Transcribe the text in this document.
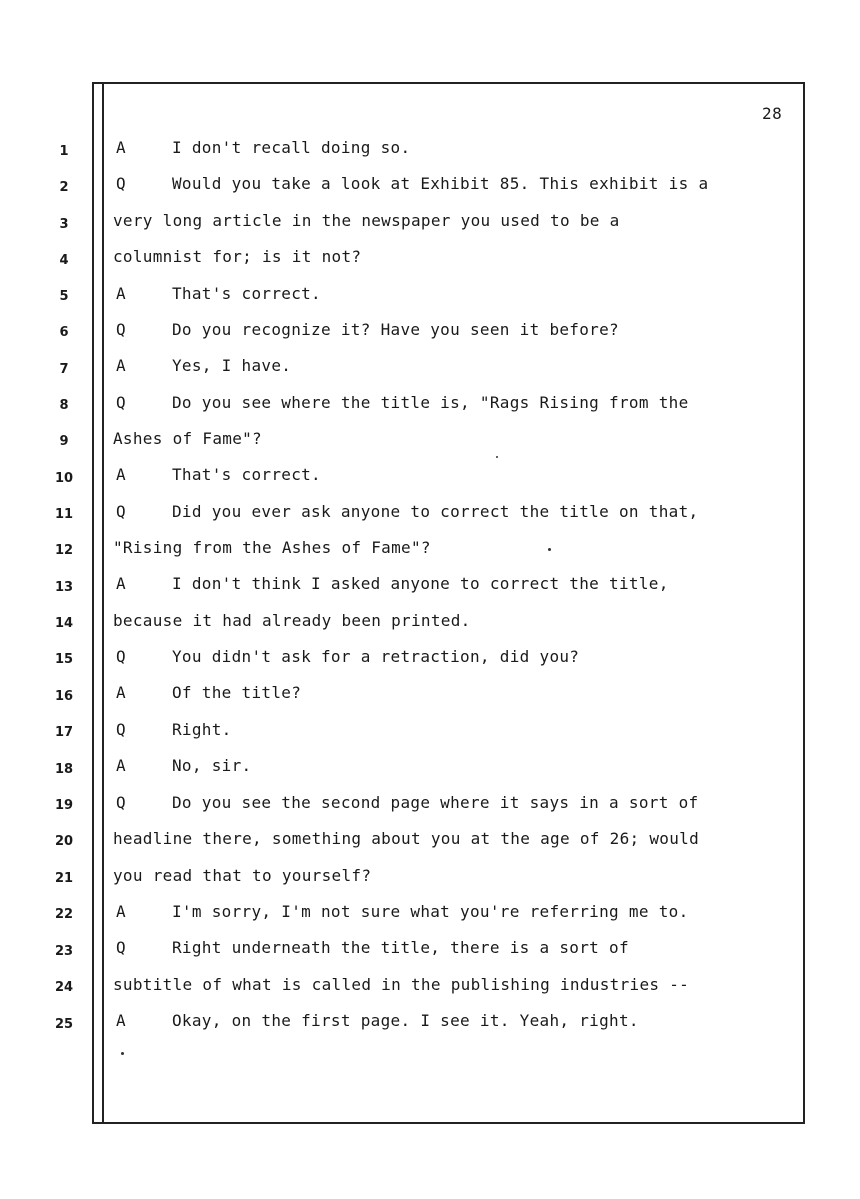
28
1	A	I don't recall doing so.
2	Q	Would you take a look at Exhibit 85. This exhibit is a
3	very long article in the newspaper you used to be a
4	columnist for; is it not?
5	A	That's correct.
6	Q	Do you recognize it? Have you seen it before?
7	A	Yes, I have.
8	Q	Do you see where the title is, "Rags Rising from the
9	Ashes of Fame"?
10	A	That's correct.
11	Q	Did you ever ask anyone to correct the title on that,
12	"Rising from the Ashes of Fame"?
13	A	I don't think I asked anyone to correct the title,
14	because it had already been printed.
15	Q	You didn't ask for a retraction, did you?
16	A	Of the title?
17	Q	Right.
18	A	No, sir.
19	Q	Do you see the second page where it says in a sort of
20	headline there, something about you at the age of 26; would
21	you read that to yourself?
22	A	I'm sorry, I'm not sure what you're referring me to.
23	Q	Right underneath the title, there is a sort of
24	subtitle of what is called in the publishing industries --
25	A	Okay, on the first page. I see it. Yeah, right.
